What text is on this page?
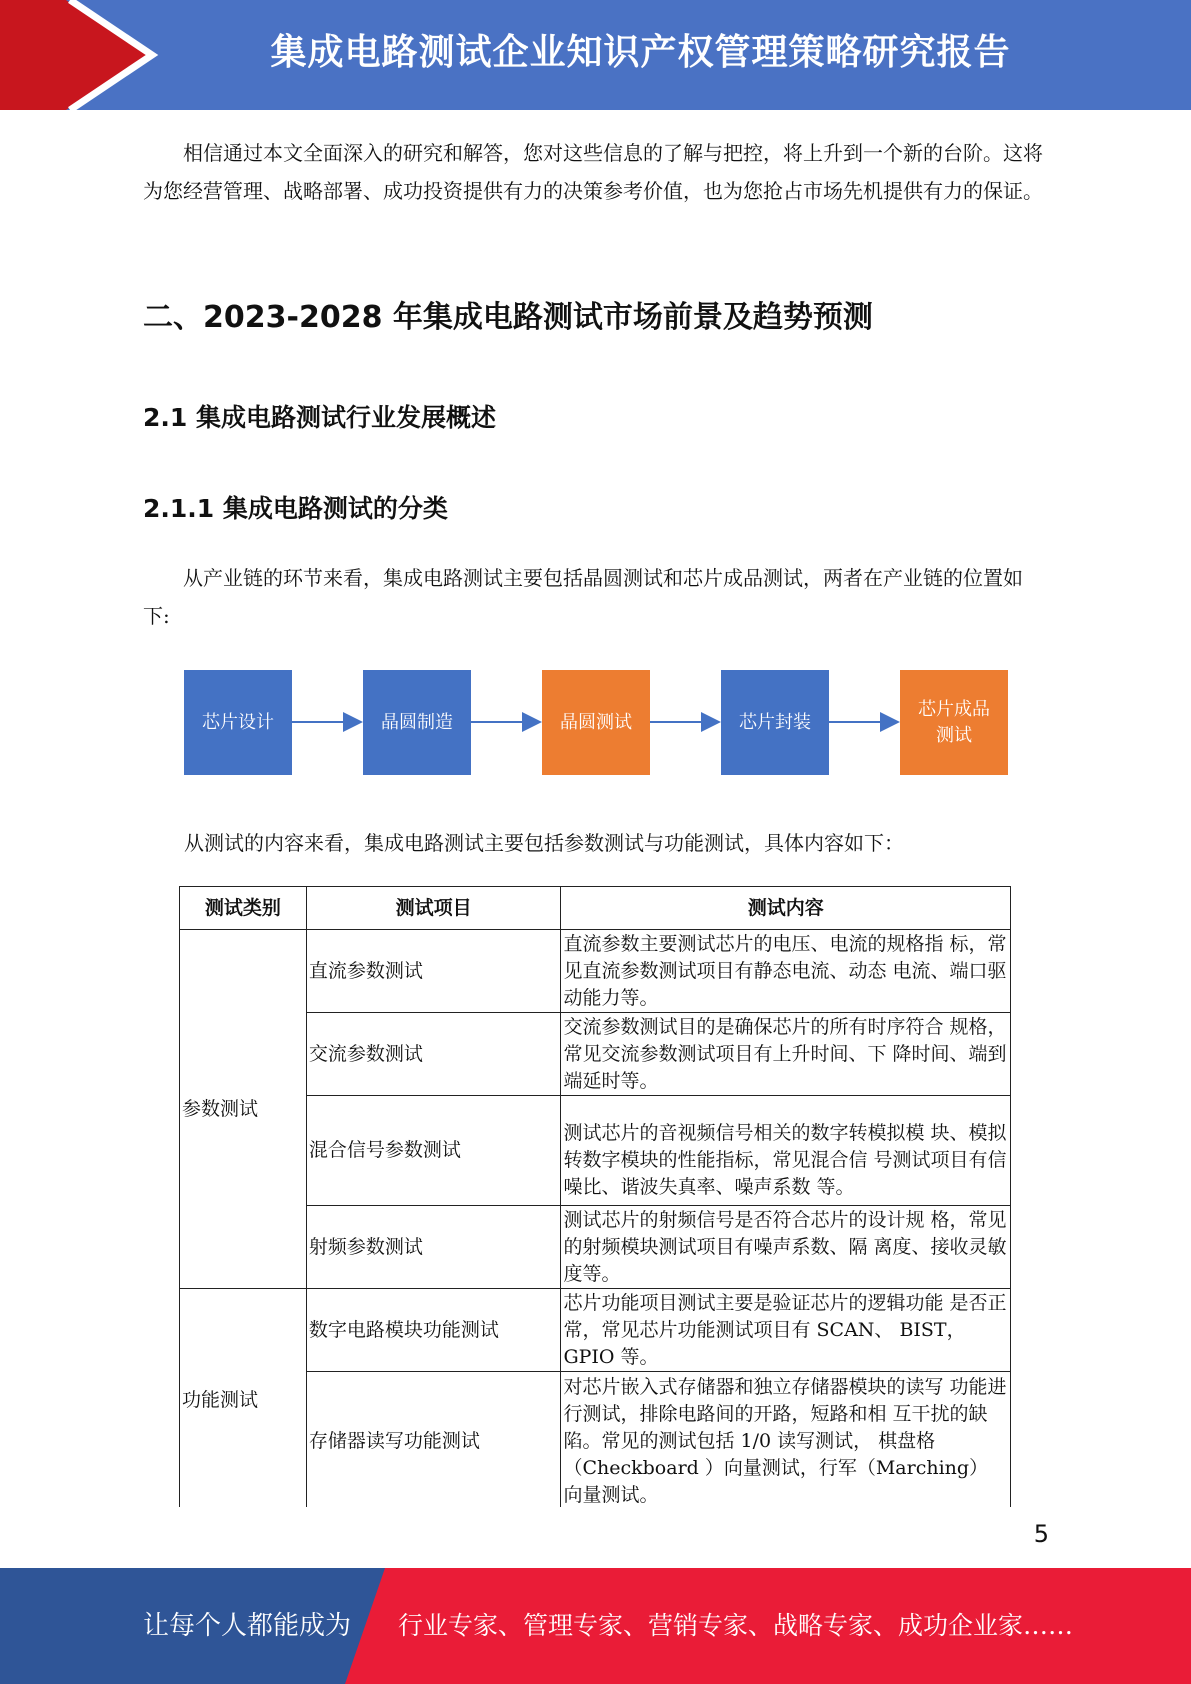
集成电路测试企业知识产权管理策略研究报告

相信通过本文全面深入的研究和解答，您对这些信息的了解与把控，将上升到一个新的台阶。这将为您经营管理、战略部署、成功投资提供有力的决策参考价值，也为您抢占市场先机提供有力的保证。

二、2023-2028 年集成电路测试市场前景及趋势预测
2.1 集成电路测试行业发展概述
2.1.1 集成电路测试的分类

从产业链的环节来看，集成电路测试主要包括晶圆测试和芯片成品测试，两者在产业链的位置如下:

芯片设计	晶圆制造	晶圆测试	芯片封装
芯片成品测试

从测试的内容来看，集成电路测试主要包括参数测试与功能测试，具体内容如下：

测试类别	测试项目	测试内容
参数测试	直流参数测试	直流参数主要测试芯片的电压、电流的规格指 标，常见直流参数测试项目有静态电流、动态 电流、端口驱动能力等。
	交流参数测试	交流参数测试目的是确保芯片的所有时序符合 规格，常见交流参数测试项目有上升时间、下 降时间、端到端延时等。
	混合信号参数测试	测试芯片的音视频信号相关的数字转模拟模 块、模拟转数字模块的性能指标，常见混合信 号测试项目有信噪比、谐波失真率、噪声系数 等。
	射频参数测试	测试芯片的射频信号是否符合芯片的设计规 格，常见的射频模块测试项目有噪声系数、隔 离度、接收灵敏度等。
功能测试	数字电路模块功能测试	芯片功能项目测试主要是验证芯片的逻辑功能 是否正常，常见芯片功能测试项目有 SCAN、 BIST，GPIO 等。
	存储器读写功能测试	对芯片嵌入式存储器和独立存储器模块的读写 功能进行测试，排除电路间的开路，短路和相 互干扰的缺陷。常见的测试包括 1/0 读写测试， 棋盘格（Checkboard ）向量测试，行军（Marching） 向量测试。
5
让每个人都能成为 行业专家、管理专家、营销专家、战略专家、成功企业家……
